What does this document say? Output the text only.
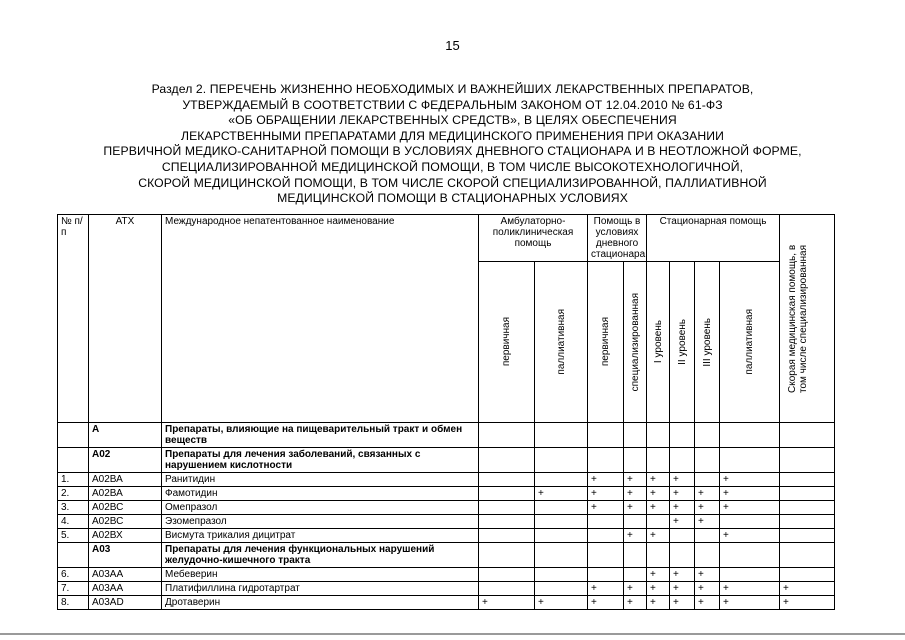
15
Раздел 2. ПЕРЕЧЕНЬ ЖИЗНЕННО НЕОБХОДИМЫХ И ВАЖНЕЙШИХ ЛЕКАРСТВЕННЫХ ПРЕПАРАТОВ,
УТВЕРЖДАЕМЫЙ В СООТВЕТСТВИИ С ФЕДЕРАЛЬНЫМ ЗАКОНОМ ОТ 12.04.2010 № 61-ФЗ
«ОБ ОБРАЩЕНИИ ЛЕКАРСТВЕННЫХ СРЕДСТВ», В ЦЕЛЯХ ОБЕСПЕЧЕНИЯ
ЛЕКАРСТВЕННЫМИ ПРЕПАРАТАМИ ДЛЯ МЕДИЦИНСКОГО ПРИМЕНЕНИЯ ПРИ ОКАЗАНИИ
ПЕРВИЧНОЙ МЕДИКО-САНИТАРНОЙ ПОМОЩИ В УСЛОВИЯХ ДНЕВНОГО СТАЦИОНАРА И В НЕОТЛОЖНОЙ ФОРМЕ,
СПЕЦИАЛИЗИРОВАННОЙ МЕДИЦИНСКОЙ ПОМОЩИ, В ТОМ ЧИСЛЕ ВЫСОКОТЕХНОЛОГИЧНОЙ,
СКОРОЙ МЕДИЦИНСКОЙ ПОМОЩИ, В ТОМ ЧИСЛЕ СКОРОЙ СПЕЦИАЛИЗИРОВАННОЙ, ПАЛЛИАТИВНОЙ
МЕДИЦИНСКОЙ ПОМОЩИ В СТАЦИОНАРНЫХ УСЛОВИЯХ
№ п/п	АТХ	Международное непатентованное наименование	Амбулаторно-поликлиническая помощь		Помощь в условиях дневного стационара		Стационарная помощь				Скорая медицинская помощь, в том числе специализированная

			первичная	паллиативная	первичная	специализированная	I уровень	II уровень	III уровень	паллиативная	

	А	Препараты, влияющие на пищеварительный тракт и обмен веществ									
	А02	Препараты для лечения заболеваний, связанных с нарушением кислотности									
1.	А02ВА	Ранитидин			+	+	+	+		+	
2.	А02ВА	Фамотидин		+	+	+	+	+	+	+	
3.	А02ВС	Омепразол			+	+	+	+	+	+	
4.	А02ВС	Эзомепразол						+	+		
5.	А02ВХ	Висмута трикалия дицитрат				+	+			+	
	А03	Препараты для лечения функциональных нарушений желудочно-кишечного тракта									
6.	А03АА	Мебеверин					+	+	+		
7.	А03АА	Платифиллина гидротартрат			+	+	+	+	+	+	+
8.	А03АD	Дротаверин	+	+	+	+	+	+	+	+	+
